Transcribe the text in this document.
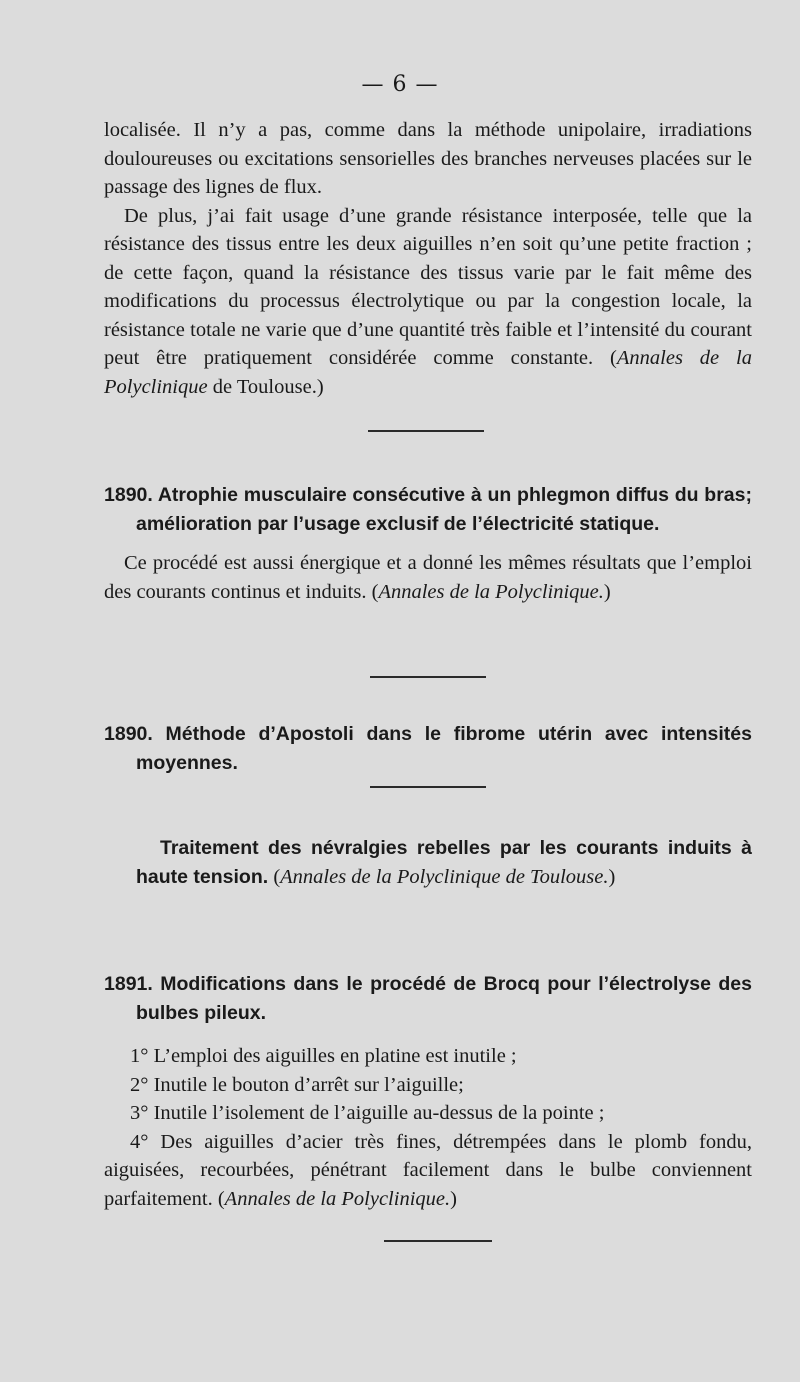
— 6 —

localisée. Il n’y a pas, comme dans la méthode unipolaire, irradiations douloureuses ou excitations sensorielles des branches nerveuses placées sur le passage des lignes de flux.

De plus, j’ai fait usage d’une grande résistance interposée, telle que la résistance des tissus entre les deux aiguilles n’en soit qu’une petite fraction ; de cette façon, quand la résistance des tissus varie par le fait même des modifications du processus électrolytique ou par la congestion locale, la résistance totale ne varie que d’une quantité très faible et l’intensité du courant peut être pratiquement considérée comme constante. (Annales de la Polyclinique de Toulouse.)

1890. Atrophie musculaire consécutive à un phlegmon diffus du bras; amélioration par l’usage exclusif de l’électricité statique.

Ce procédé est aussi énergique et a donné les mêmes résultats que l’emploi des courants continus et induits. (Annales de la Polyclinique.)

1890. Méthode d’Apostoli dans le fibrome utérin avec intensités moyennes.

Traitement des névralgies rebelles par les courants induits à haute tension. (Annales de la Polyclinique de Toulouse.)

1891. Modifications dans le procédé de Brocq pour l’électrolyse des bulbes pileux.

1° L’emploi des aiguilles en platine est inutile ;

2° Inutile le bouton d’arrêt sur l’aiguille;

3° Inutile l’isolement de l’aiguille au-dessus de la pointe ;

4° Des aiguilles d’acier très fines, détrempées dans le plomb fondu, aiguisées, recourbées, pénétrant facilement dans le bulbe conviennent parfaitement. (Annales de la Polyclinique.)
